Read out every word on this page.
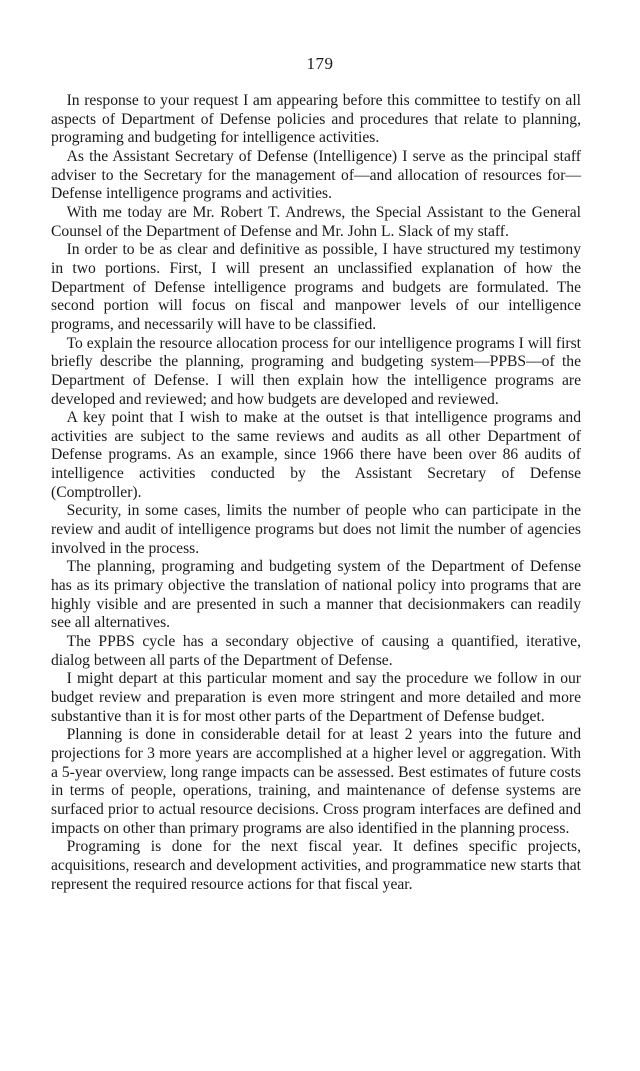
179

In response to your request I am appearing before this committee to testify on all aspects of Department of Defense policies and procedures that relate to planning, programing and budgeting for intelligence activities.

As the Assistant Secretary of Defense (Intelligence) I serve as the principal staff adviser to the Secretary for the management of—and allocation of resources for—Defense intelligence programs and activities.

With me today are Mr. Robert T. Andrews, the Special Assistant to the General Counsel of the Department of Defense and Mr. John L. Slack of my staff.

In order to be as clear and definitive as possible, I have structured my testimony in two portions. First, I will present an unclassified explanation of how the Department of Defense intelligence programs and budgets are formulated. The second portion will focus on fiscal and manpower levels of our intelligence programs, and necessarily will have to be classified.

To explain the resource allocation process for our intelligence programs I will first briefly describe the planning, programing and budgeting system—PPBS—of the Department of Defense. I will then explain how the intelligence programs are developed and reviewed; and how budgets are developed and reviewed.

A key point that I wish to make at the outset is that intelligence programs and activities are subject to the same reviews and audits as all other Department of Defense programs. As an example, since 1966 there have been over 86 audits of intelligence activities conducted by the Assistant Secretary of Defense (Comptroller).

Security, in some cases, limits the number of people who can participate in the review and audit of intelligence programs but does not limit the number of agencies involved in the process.

The planning, programing and budgeting system of the Department of Defense has as its primary objective the translation of national policy into programs that are highly visible and are presented in such a manner that decisionmakers can readily see all alternatives.

The PPBS cycle has a secondary objective of causing a quantified, iterative, dialog between all parts of the Department of Defense.

I might depart at this particular moment and say the procedure we follow in our budget review and preparation is even more stringent and more detailed and more substantive than it is for most other parts of the Department of Defense budget.

Planning is done in considerable detail for at least 2 years into the future and projections for 3 more years are accomplished at a higher level or aggregation. With a 5-year overview, long range impacts can be assessed. Best estimates of future costs in terms of people, operations, training, and maintenance of defense systems are surfaced prior to actual resource decisions. Cross program interfaces are defined and impacts on other than primary programs are also identified in the planning process.

Programing is done for the next fiscal year. It defines specific projects, acquisitions, research and development activities, and programmatice new starts that represent the required resource actions for that fiscal year.
